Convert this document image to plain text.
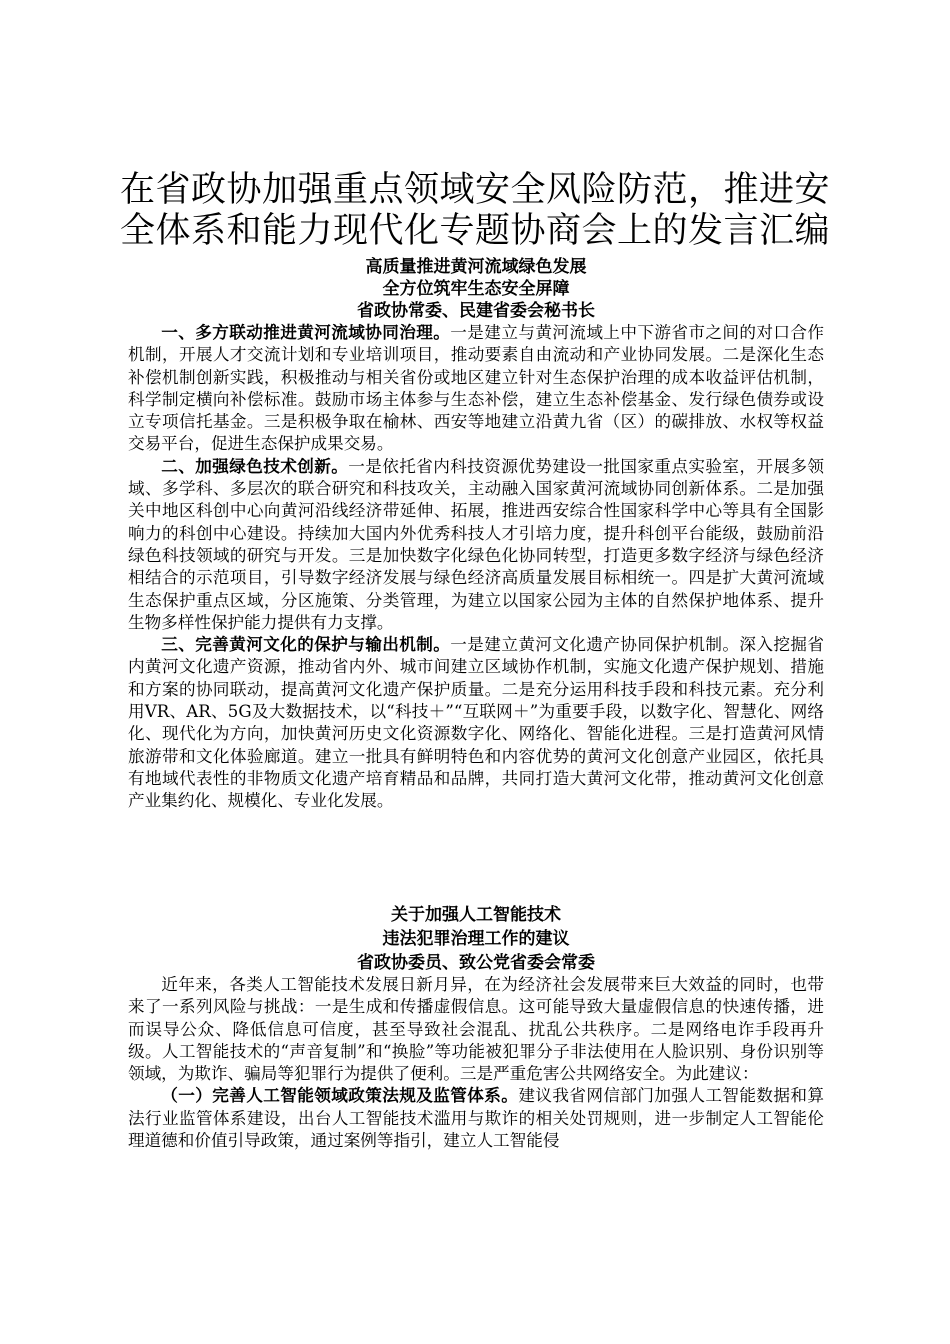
在省政协加强重点领域安全风险防范，推进安
全体系和能力现代化专题协商会上的发言汇编
高质量推进黄河流域绿色发展
全方位筑牢生态安全屏障
省政协常委、民建省委会秘书长

一、多方联动推进黄河流域协同治理。一是建立与黄河流域上中下游省市之间的对口合作机制，开展人才交流计划和专业培训项目，推动要素自由流动和产业协同发展。二是深化生态补偿机制创新实践，积极推动与相关省份或地区建立针对生态保护治理的成本收益评估机制，科学制定横向补偿标准。鼓励市场主体参与生态补偿，建立生态补偿基金、发行绿色债券或设立专项信托基金。三是积极争取在榆林、西安等地建立沿黄九省（区）的碳排放、水权等权益交易平台，促进生态保护成果交易。

二、加强绿色技术创新。一是依托省内科技资源优势建设一批国家重点实验室，开展多领域、多学科、多层次的联合研究和科技攻关，主动融入国家黄河流域协同创新体系。二是加强关中地区科创中心向黄河沿线经济带延伸、拓展，推进西安综合性国家科学中心等具有全国影响力的科创中心建设。持续加大国内外优秀科技人才引培力度，提升科创平台能级，鼓励前沿绿色科技领域的研究与开发。三是加快数字化绿色化协同转型，打造更多数字经济与绿色经济相结合的示范项目，引导数字经济发展与绿色经济高质量发展目标相统一。四是扩大黄河流域生态保护重点区域，分区施策、分类管理，为建立以国家公园为主体的自然保护地体系、提升生物多样性保护能力提供有力支撑。

三、完善黄河文化的保护与输出机制。一是建立黄河文化遗产协同保护机制。深入挖掘省内黄河文化遗产资源，推动省内外、城市间建立区域协作机制，实施文化遗产保护规划、措施和方案的协同联动，提高黄河文化遗产保护质量。二是充分运用科技手段和科技元素。充分利用VR、AR、5G及大数据技术，以“科技＋”“互联网＋”为重要手段，以数字化、智慧化、网络化、现代化为方向，加快黄河历史文化资源数字化、网络化、智能化进程。三是打造黄河风情旅游带和文化体验廊道。建立一批具有鲜明特色和内容优势的黄河文化创意产业园区，依托具有地域代表性的非物质文化遗产培育精品和品牌，共同打造大黄河文化带，推动黄河文化创意产业集约化、规模化、专业化发展。

关于加强人工智能技术
违法犯罪治理工作的建议
省政协委员、致公党省委会常委

近年来，各类人工智能技术发展日新月异，在为经济社会发展带来巨大效益的同时，也带来了一系列风险与挑战：一是生成和传播虚假信息。这可能导致大量虚假信息的快速传播，进而误导公众、降低信息可信度，甚至导致社会混乱、扰乱公共秩序。二是网络电诈手段再升级。人工智能技术的“声音复制”和“换脸”等功能被犯罪分子非法使用在人脸识别、身份识别等领域，为欺诈、骗局等犯罪行为提供了便利。三是严重危害公共网络安全。为此建议：

（一）完善人工智能领域政策法规及监管体系。建议我省网信部门加强人工智能数据和算法行业监管体系建设，出台人工智能技术滥用与欺诈的相关处罚规则，进一步制定人工智能伦理道德和价值引导政策，通过案例等指引，建立人工智能侵
